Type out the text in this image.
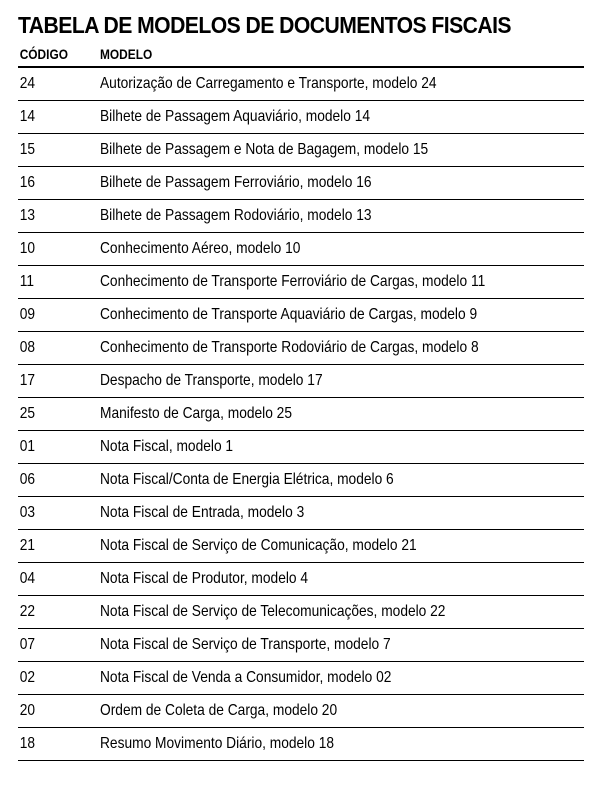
TABELA DE MODELOS DE DOCUMENTOS FISCAIS
CÓDIGO	MODELO
24	Autorização de Carregamento e Transporte, modelo 24
14	Bilhete de Passagem Aquaviário, modelo 14
15	Bilhete de Passagem e Nota de Bagagem, modelo 15
16	Bilhete de Passagem Ferroviário, modelo 16
13	Bilhete de Passagem Rodoviário, modelo 13
10	Conhecimento Aéreo, modelo 10
11	Conhecimento de Transporte Ferroviário de Cargas, modelo 11
09	Conhecimento de Transporte Aquaviário de Cargas, modelo 9
08	Conhecimento de Transporte Rodoviário de Cargas, modelo 8
17	Despacho de Transporte, modelo 17
25	Manifesto de Carga, modelo 25
01	Nota Fiscal, modelo 1
06	Nota Fiscal/Conta de Energia Elétrica, modelo 6
03	Nota Fiscal de Entrada, modelo 3
21	Nota Fiscal de Serviço de Comunicação, modelo 21
04	Nota Fiscal de Produtor, modelo 4
22	Nota Fiscal de Serviço de Telecomunicações, modelo 22
07	Nota Fiscal de Serviço de Transporte, modelo 7
02	Nota Fiscal de Venda a Consumidor, modelo 02
20	Ordem de Coleta de Carga, modelo 20
18	Resumo Movimento Diário, modelo 18
